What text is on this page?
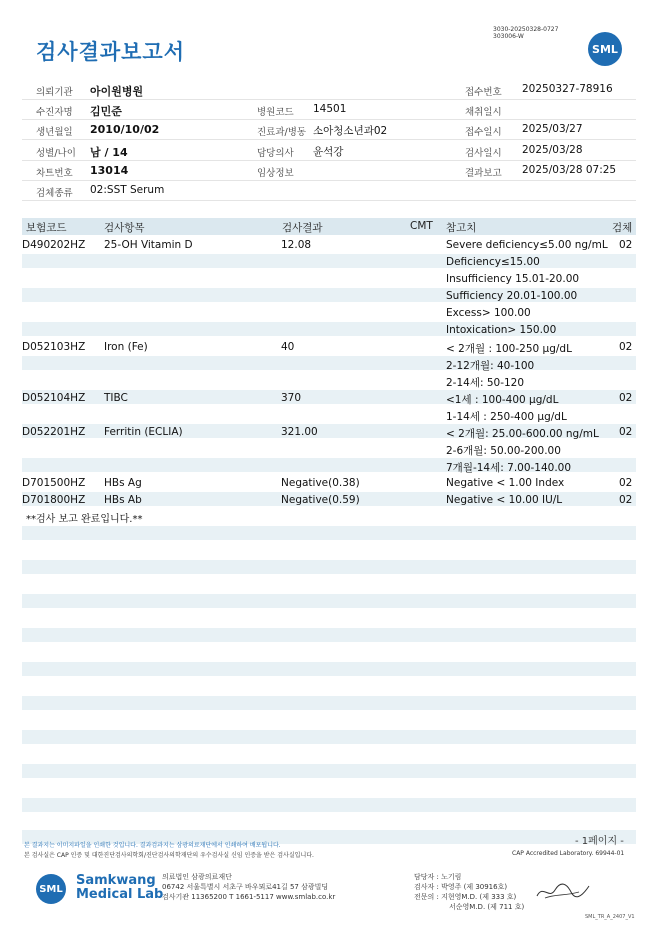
검사결과보고서
3030-20250328-0727
303006-W
SML
의뢰기관 아이원병원	접수번호 20250327-78916
수진자명 김민준	병원코드 14501	채취일시
생년월일 2010/10/02	진료과/병동 소아청소년과02	접수일시 2025/03/27
성별/나이 남 / 14	담당의사 윤석강	검사일시 2025/03/28
차트번호 13014	임상정보	결과보고 2025/03/28 07:25
검체종류 02:SST Serum
보험코드	검사항목	검사결과	CMT 참고치	검체
D490202HZ 25-OH Vitamin D	12.08	Severe deficiency≤5.00 ng/mL 02
Deficiency≤15.00
Insufficiency 15.01-20.00
Sufficiency 20.01-100.00
Excess> 100.00
Intoxication> 150.00
D052103HZ Iron (Fe)	40	< 2개월 : 100-250 µg/dL	02
2-12개월: 40-100
2-14세: 50-120
D052104HZ TIBC	370	<1세 : 100-400 µg/dL	02
1-14세 : 250-400 µg/dL
D052201HZ Ferritin (ECLIA)	321.00	< 2개월: 25.00-600.00 ng/mL 02
2-6개월: 50.00-200.00
7개월-14세: 7.00-140.00
D701500HZ HBs Ag	Negative(0.38)	Negative < 1.00 Index	02
D701800HZ HBs Ab	Negative(0.59)	Negative < 10.00 IU/L	02
**검사 보고 완료입니다.**
- 1페이지 -
본 결과지는 이미지파일을 인쇄한 것입니다. 결과검과지는 삼광의료재단에서 인쇄하여 배포됩니다.
본 검사실은 CAP 인증 및 대한진단검사의학회/진단검사의학재단의 우수검사실 신임 인증을 받은 검사실입니다.	CAP Accredited Laboratory. 69944-01
SML
Samkwang
Medical Lab
의료법인 삼광의료재단
06742 서울특별시 서초구 바우뫼로41길 57 삼광빌딩
검사기관 11365200 T 1661-5117 www.smlab.co.kr
담당자 : 노기림
검사자 : 박영주 (제 30916호)
전문의 : 지현영M.D. (제 333 호)
서순영M.D. (제 711 호)
SML_TR_A_2407_V1
